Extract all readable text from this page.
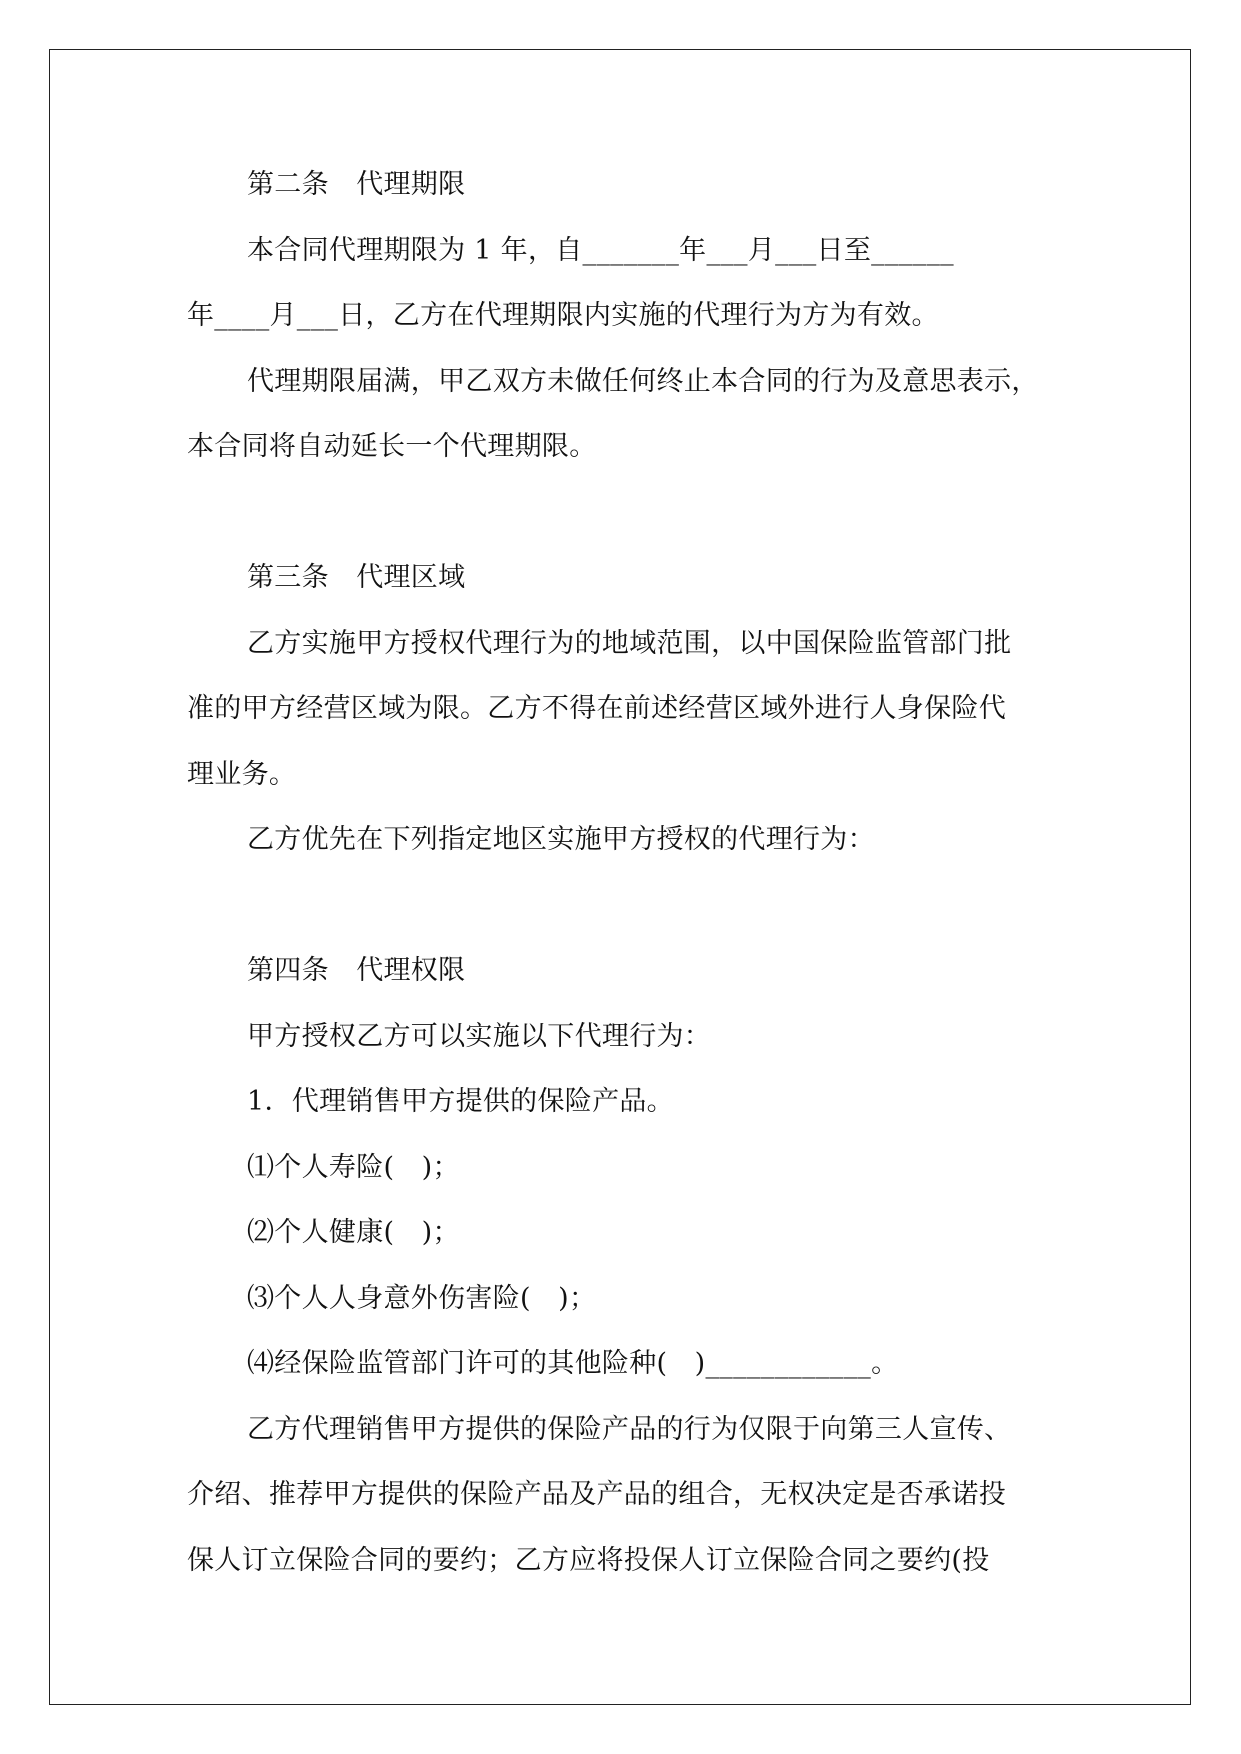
第二条　代理期限
本合同代理期限为 1 年，自_______年___月___日至______
年____月___日，乙方在代理期限内实施的代理行为方为有效。
代理期限届满，甲乙双方未做任何终止本合同的行为及意思表示，
本合同将自动延长一个代理期限。
第三条　代理区域
乙方实施甲方授权代理行为的地域范围，以中国保险监管部门批
准的甲方经营区域为限。乙方不得在前述经营区域外进行人身保险代
理业务。
乙方优先在下列指定地区实施甲方授权的代理行为：
第四条　代理权限
甲方授权乙方可以实施以下代理行为：
1．代理销售甲方提供的保险产品。
⑴个人寿险(　)；
⑵个人健康(　)；
⑶个人人身意外伤害险(　)；
⑷经保险监管部门许可的其他险种(　)____________。
乙方代理销售甲方提供的保险产品的行为仅限于向第三人宣传、
介绍、推荐甲方提供的保险产品及产品的组合，无权决定是否承诺投
保人订立保险合同的要约；乙方应将投保人订立保险合同之要约(投
